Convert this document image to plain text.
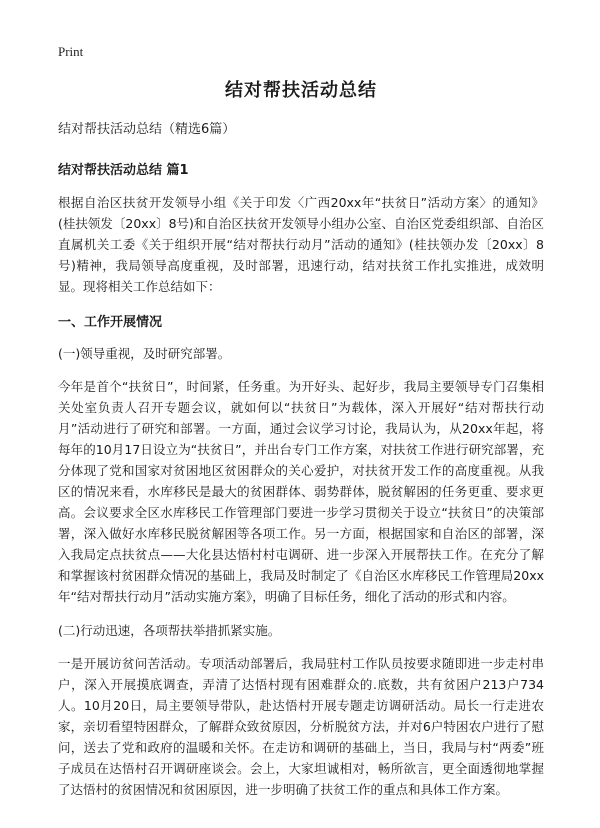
Print
结对帮扶活动总结
结对帮扶活动总结（精选6篇）
结对帮扶活动总结 篇1

根据自治区扶贫开发领导小组《关于印发〈广西20xx年“扶贫日”活动方案〉的通知》(桂扶领发〔20xx〕8号)和自治区扶贫开发领导小组办公室、自治区党委组织部、自治区直属机关工委《关于组织开展“结对帮扶行动月”活动的通知》(桂扶领办发〔20xx〕8号)精神，我局领导高度重视，及时部署，迅速行动，结对扶贫工作扎实推进，成效明显。现将相关工作总结如下：

一、工作开展情况
(一)领导重视，及时研究部署。

今年是首个“扶贫日”，时间紧，任务重。为开好头、起好步，我局主要领导专门召集相关处室负责人召开专题会议，就如何以“扶贫日”为载体，深入开展好“结对帮扶行动月”活动进行了研究和部署。一方面，通过会议学习讨论，我局认为，从20xx年起，将每年的10月17日设立为“扶贫日”，并出台专门工作方案，对扶贫工作进行研究部署，充分体现了党和国家对贫困地区贫困群众的关心爱护，对扶贫开发工作的高度重视。从我区的情况来看，水库移民是最大的贫困群体、弱势群体，脱贫解困的任务更重、要求更高。会议要求全区水库移民工作管理部门要进一步学习贯彻关于设立“扶贫日”的决策部署，深入做好水库移民脱贫解困等各项工作。另一方面，根据国家和自治区的部署，深入我局定点扶贫点——大化县达悟村村屯调研、进一步深入开展帮扶工作。在充分了解和掌握该村贫困群众情况的基础上，我局及时制定了《自治区水库移民工作管理局20xx年“结对帮扶行动月”活动实施方案》，明确了目标任务，细化了活动的形式和内容。

(二)行动迅速，各项帮扶举措抓紧实施。

一是开展访贫问苦活动。专项活动部署后，我局驻村工作队员按要求随即进一步走村串户，深入开展摸底调查，弄清了达悟村现有困难群众的.底数，共有贫困户213户734人。10月20日，局主要领导带队，赴达悟村开展专题走访调研活动。局长一行走进农家，亲切看望特困群众，了解群众致贫原因，分析脱贫方法，并对6户特困农户进行了慰问，送去了党和政府的温暖和关怀。在走访和调研的基础上，当日，我局与村“两委”班子成员在达悟村召开调研座谈会。会上，大家坦诚相对，畅所欲言，更全面透彻地掌握了达悟村的贫困情况和贫困原因，进一步明确了扶贫工作的重点和具体工作方案。
